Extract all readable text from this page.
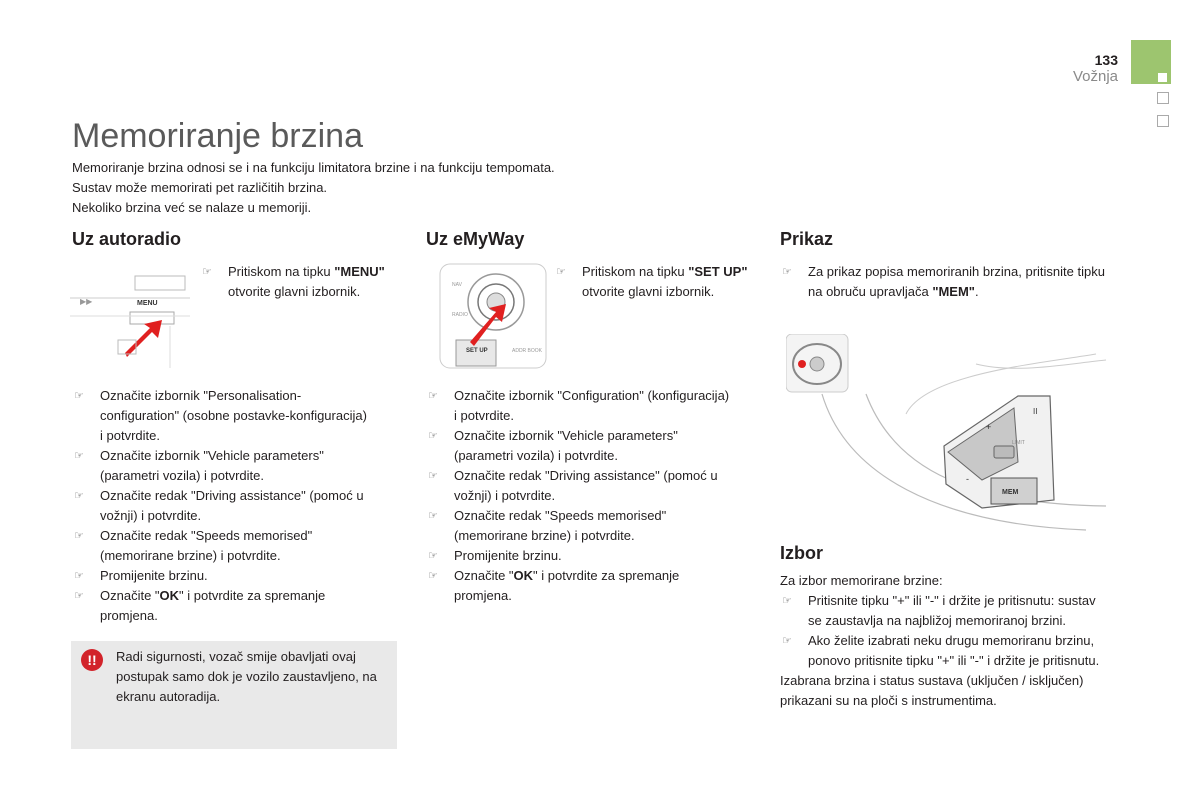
133
Vožnja
Memoriranje brzina
Memoriranje brzina odnosi se i na funkciju limitatora brzine i na funkciju tempomata.
Sustav može memorirati pet različitih brzina.
Nekoliko brzina već se nalaze u memoriji.
Uz autoradio
▶▶	MENU
☞ Pritiskom na tipku "MENU" otvorite glavni izbornik.
☞ Označite izbornik "Personalisation-configuration" (osobne postavke-konfiguracija) i potvrdite.
☞ Označite izbornik "Vehicle parameters" (parametri vozila) i potvrdite.
☞ Označite redak "Driving assistance" (pomoć u vožnji) i potvrdite.
☞ Označite redak "Speeds memorised" (memorirane brzine) i potvrdite.
☞ Promijenite brzinu.
☞ Označite "OK" i potvrdite za spremanje promjena.
!!	Radi sigurnosti, vozač smije obavljati ovaj postupak samo dok je vozilo zaustavljeno, na ekranu autoradija.
Uz eMyWay
NAV
RADIO
SET UP	ADDR BOOK
☞ Pritiskom na tipku "SET UP" otvorite glavni izbornik.
☞ Označite izbornik "Configuration" (konfiguracija) i potvrdite.
☞ Označite izbornik "Vehicle parameters" (parametri vozila) i potvrdite.
☞ Označite redak "Driving assistance" (pomoć u vožnji) i potvrdite.
☞ Označite redak "Speeds memorised" (memorirane brzine) i potvrdite.
☞ Promijenite brzinu.
☞ Označite "OK" i potvrdite za spremanje promjena.
Prikaz
☞ Za prikaz popisa memoriranih brzina, pritisnite tipku na obruču upravljača "MEM".
+
-
MEM
II
LIMIT
Izbor
Za izbor memorirane brzine:
☞ Pritisnite tipku "+" ili "-" i držite je pritisnutu: sustav se zaustavlja na najbližoj memoriranoj brzini.
☞ Ako želite izabrati neku drugu memoriranu brzinu, ponovo pritisnite tipku "+" ili "-" i držite je pritisnutu.
Izabrana brzina i status sustava (uključen / isključen) prikazani su na ploči s instrumentima.
